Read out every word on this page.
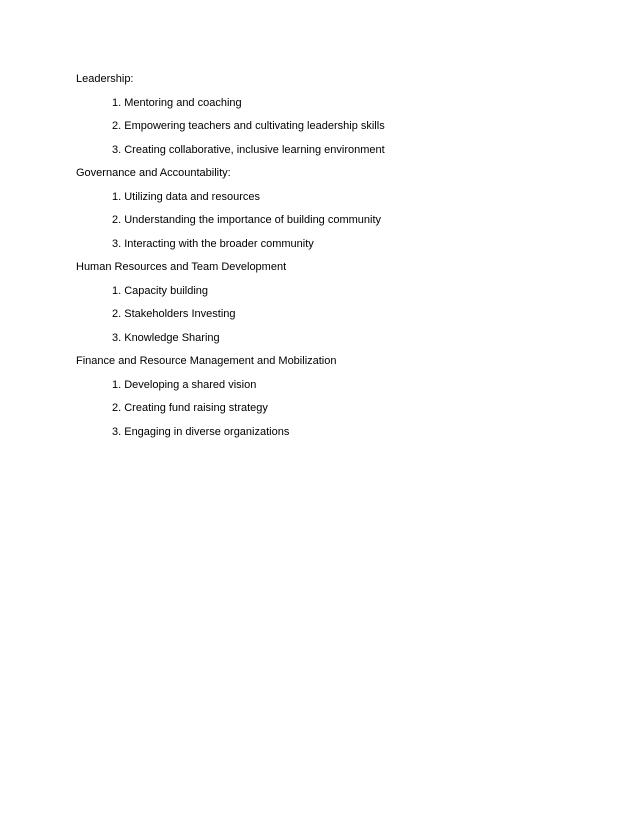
Leadership:
1. Mentoring and coaching
2. Empowering teachers and cultivating leadership skills
3. Creating collaborative, inclusive learning environment
Governance and Accountability:
1. Utilizing data and resources
2. Understanding the importance of building community
3. Interacting with the broader community
Human Resources and Team Development
1. Capacity building
2. Stakeholders Investing
3. Knowledge Sharing
Finance and Resource Management and Mobilization
1. Developing a shared vision
2. Creating fund raising strategy
3. Engaging in diverse organizations
